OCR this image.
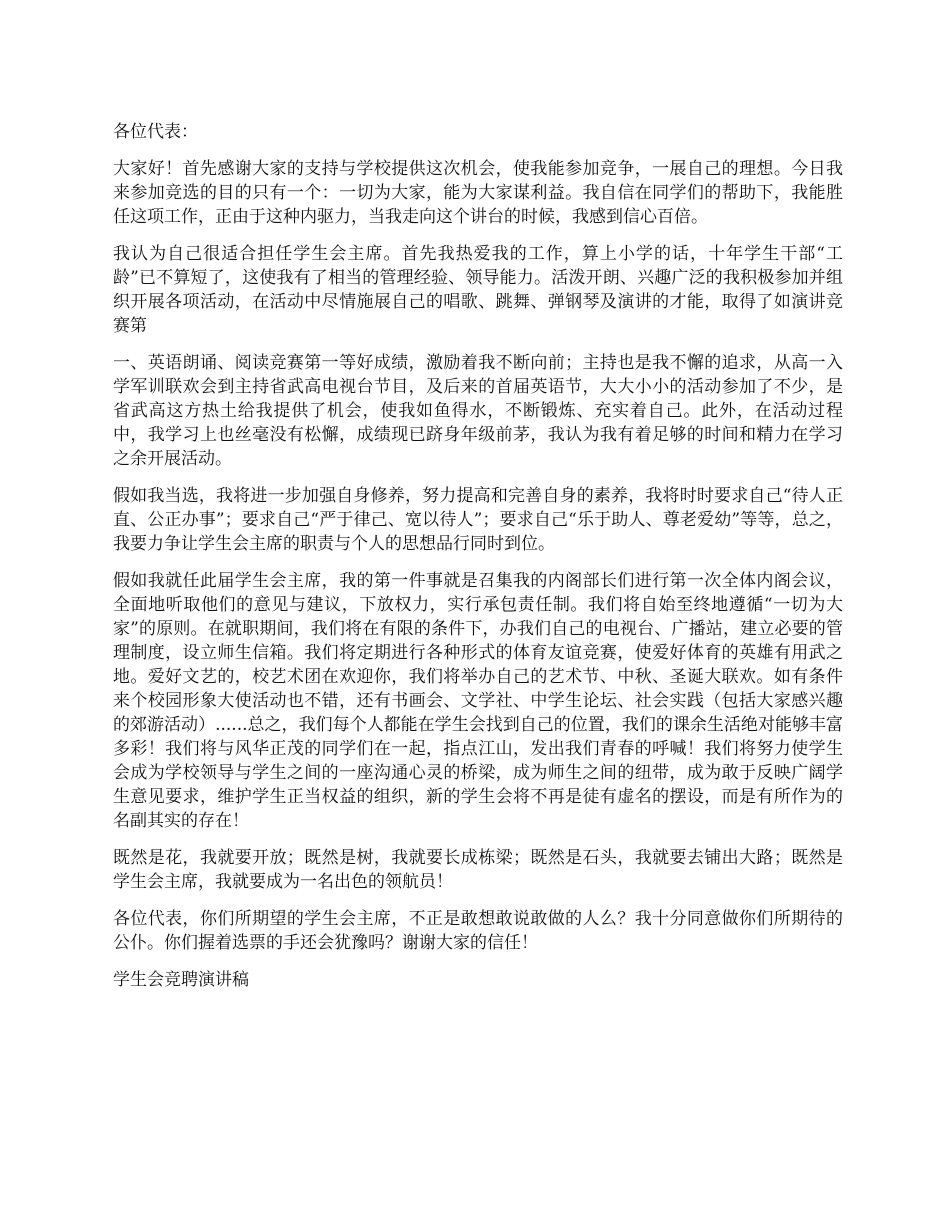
各位代表：

大家好！首先感谢大家的支持与学校提供这次机会，使我能参加竞争，一展自己的理想。今日我来参加竞选的目的只有一个：一切为大家，能为大家谋利益。我自信在同学们的帮助下，我能胜任这项工作，正由于这种内驱力，当我走向这个讲台的时候，我感到信心百倍。

我认为自己很适合担任学生会主席。首先我热爱我的工作，算上小学的话，十年学生干部“工龄”已不算短了，这使我有了相当的管理经验、领导能力。活泼开朗、兴趣广泛的我积极参加并组织开展各项活动，在活动中尽情施展自己的唱歌、跳舞、弹钢琴及演讲的才能，取得了如演讲竞赛第

一、英语朗诵、阅读竞赛第一等好成绩，激励着我不断向前；主持也是我不懈的追求，从高一入学军训联欢会到主持省武高电视台节目，及后来的首届英语节，大大小小的活动参加了不少，是省武高这方热土给我提供了机会，使我如鱼得水，不断锻炼、充实着自己。此外，在活动过程中，我学习上也丝毫没有松懈，成绩现已跻身年级前茅，我认为我有着足够的时间和精力在学习之余开展活动。

假如我当选，我将进一步加强自身修养，努力提高和完善自身的素养，我将时时要求自己“待人正直、公正办事”；要求自己“严于律己、宽以待人”；要求自己“乐于助人、尊老爱幼”等等，总之，我要力争让学生会主席的职责与个人的思想品行同时到位。

假如我就任此届学生会主席，我的第一件事就是召集我的内阁部长们进行第一次全体内阁会议，全面地听取他们的意见与建议，下放权力，实行承包责任制。我们将自始至终地遵循“一切为大家”的原则。在就职期间，我们将在有限的条件下，办我们自己的电视台、广播站，建立必要的管理制度，设立师生信箱。我们将定期进行各种形式的体育友谊竞赛，使爱好体育的英雄有用武之地。爱好文艺的，校艺术团在欢迎你，我们将举办自己的艺术节、中秋、圣诞大联欢。如有条件来个校园形象大使活动也不错，还有书画会、文学社、中学生论坛、社会实践（包括大家感兴趣的郊游活动）......总之，我们每个人都能在学生会找到自己的位置，我们的课余生活绝对能够丰富多彩！我们将与风华正茂的同学们在一起，指点江山，发出我们青春的呼喊！我们将努力使学生会成为学校领导与学生之间的一座沟通心灵的桥梁，成为师生之间的纽带，成为敢于反映广阔学生意见要求，维护学生正当权益的组织，新的学生会将不再是徒有虚名的摆设，而是有所作为的名副其实的存在！

既然是花，我就要开放；既然是树，我就要长成栋梁；既然是石头，我就要去铺出大路；既然是学生会主席，我就要成为一名出色的领航员！

各位代表，你们所期望的学生会主席，不正是敢想敢说敢做的人么？我十分同意做你们所期待的公仆。你们握着选票的手还会犹豫吗？谢谢大家的信任！

学生会竞聘演讲稿
